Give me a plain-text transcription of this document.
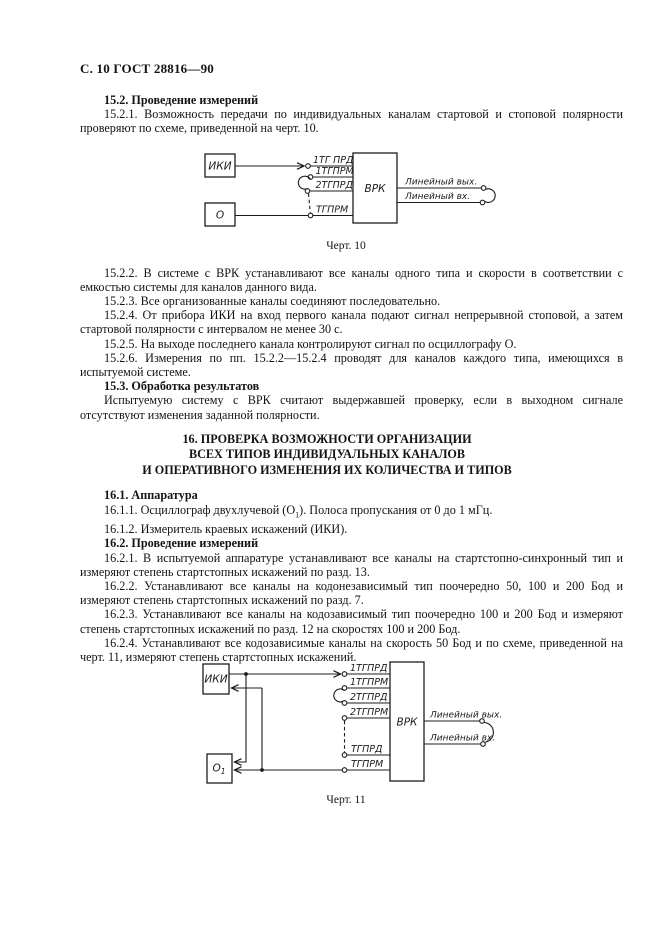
С. 10 ГОСТ 28816—90

15.2. Проведение измерений

15.2.1. Возможность передачи по индивидуальных каналам стартовой и стоповой полярности проверяют по схеме, приведенной на черт. 10.

15.2.2. В системе с ВРК устанавливают все каналы одного типа и скорости в соответствии с емкостью системы для каналов данного вида.

15.2.3. Все организованные каналы соединяют последовательно.

15.2.4. От прибора ИКИ на вход первого канала подают сигнал непрерывной стоповой, а затем стартовой полярности с интервалом не менее 30 с.

15.2.5. На выходе последнего канала контролируют сигнал по осциллографу О.

15.2.6. Измерения по пп. 15.2.2—15.2.4 проводят для каналов каждого типа, имеющихся в испытуемой системе.

15.3. Обработка результатов

Испытуемую систему с ВРК считают выдержавшей проверку, если в выходном сигнале отсутствуют изменения заданной полярности.

16. ПРОВЕРКА ВОЗМОЖНОСТИ ОРГАНИЗАЦИИ
ВСЕХ ТИПОВ ИНДИВИДУАЛЬНЫХ КАНАЛОВ
И ОПЕРАТИВНОГО ИЗМЕНЕНИЯ ИХ КОЛИЧЕСТВА И ТИПОВ

16.1. Аппаратура

16.1.1. Осциллограф двухлучевой $(О_1)$. Полоса пропускания от 0 до 1 мГц.

16.1.2. Измеритель краевых искажений (ИКИ).

16.2. Проведение измерений

16.2.1. В испытуемой аппаратуре устанавливают все каналы на стартстопно-синхронный тип и измеряют степень стартстопных искажений по разд. 13.

16.2.2. Устанавливают все каналы на кодонезависимый тип поочередно 50, 100 и 200 Бод и измеряют степень стартстопных искажений по разд. 7.

16.2.3. Устанавливают все каналы на кодозависимый тип поочередно 100 и 200 Бод и измеряют степень стартстопных искажений по разд. 12 на скоростях 100 и 200 Бод.

16.2.4. Устанавливают все кодозависимые каналы на скорость 50 Бод и по схеме, приведенной на черт. 11, измеряют степень стартстопных искажений.

ИКИ
О
ВРК
1ТГ ПРД
1ТГПРМ
2ТГПРД
ТГПРМ
Линейный вых.
Линейный вх.
Черт. 10
ИКИ
$О_1$
ВРК
1ТГПРД
1ТГПРМ
2ТГПРД
2ТГПРМ
ТГПРД
ТГПРМ
Линейный вых.
Линейный вх.
Черт. 11
